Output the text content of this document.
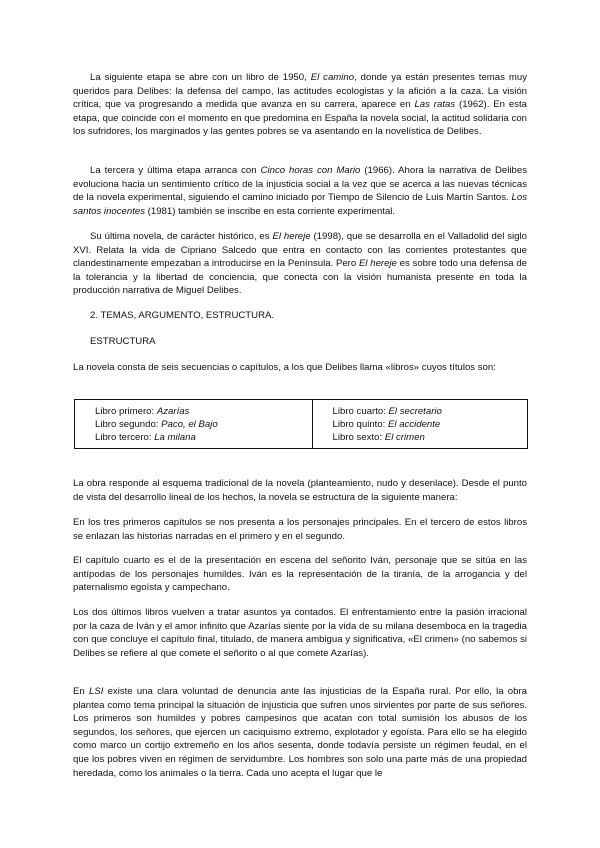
La siguiente etapa se abre con un libro de 1950, El camino, donde ya están presentes temas muy queridos para Delibes: la defensa del campo, las actitudes ecologistas y la afición a la caza. La visión crítica, que va progresando a medida que avanza en su carrera, aparece en Las ratas (1962). En esta etapa, que coincide con el momento en que predomina en España la novela social, la actitud solidaria con los sufridores, los marginados y las gentes pobres se va asentando en la novelística de Delibes.

La tercera y última etapa arranca con Cinco horas con Mario (1966). Ahora la narrativa de Delibes evoluciona hacia un sentimiento crítico de la injusticia social a la vez que se acerca a las nuevas técnicas de la novela experimental, siguiendo el camino iniciado por Tiempo de Silencio de Luis Martín Santos. Los santos inocentes (1981) también se inscribe en esta corriente experimental.

Su última novela, de carácter histórico, es El hereje (1998), que se desarrolla en el Valladolid del siglo XVI. Relata la vida de Cipriano Salcedo que entra en contacto con las corrientes protestantes que clandestinamente empezaban a introducirse en la Península. Pero El hereje es sobre todo una defensa de la tolerancia y la libertad de conciencia, que conecta con la visión humanista presente en toda la producción narrativa de Miguel Delibes.

2. TEMAS, ARGUMENTO, ESTRUCTURA.

ESTRUCTURA

La novela consta de seis secuencias o capítulos, a los que Delibes llama «libros» cuyos títulos son:

Libro primero: Azarías
Libro segundo: Paco, el Bajo
Libro tercero: La milana

Libro cuarto: El secretario
Libro quinto: El accidente
Libro sexto: El crimen

La obra responde al esquema tradicional de la novela (planteamiento, nudo y desenlace). Desde el punto de vista del desarrollo lineal de los hechos, la novela se estructura de la siguiente manera:

En los tres primeros capítulos se nos presenta a los personajes principales. En el tercero de estos libros se enlazan las historias narradas en el primero y en el segundo.

El capítulo cuarto es el de la presentación en escena del señorito Iván, personaje que se sitúa en las antípodas de los personajes humildes. Iván es la representación de la tiranía, de la arrogancia y del paternalismo egoísta y campechano.

Los dos últimos libros vuelven a tratar asuntos ya contados. El enfrentamiento entre la pasión irracional por la caza de Iván y el amor infinito que Azarías siente por la vida de su milana desemboca en la tragedia con que concluye el capítulo final, titulado, de manera ambigua y significativa, «El crimen» (no sabemos si Delibes se refiere al que comete el señorito o al que comete Azarías).

En LSI existe una clara voluntad de denuncia ante las injusticias de la España rural. Por ello, la obra plantea como tema principal la situación de injusticia que sufren unos sirvientes por parte de sus señores. Los primeros son humildes y pobres campesinos que acatan con total sumisión los abusos de los segundos, los señores, que ejercen un caciquismo extremo, explotador y egoísta. Para ello se ha elegido como marco un cortijo extremeño en los años sesenta, donde todavía persiste un régimen feudal, en el que los pobres viven en régimen de servidumbre. Los hombres son solo una parte más de una propiedad heredada, como los animales o la tierra. Cada uno acepta el lugar que le
